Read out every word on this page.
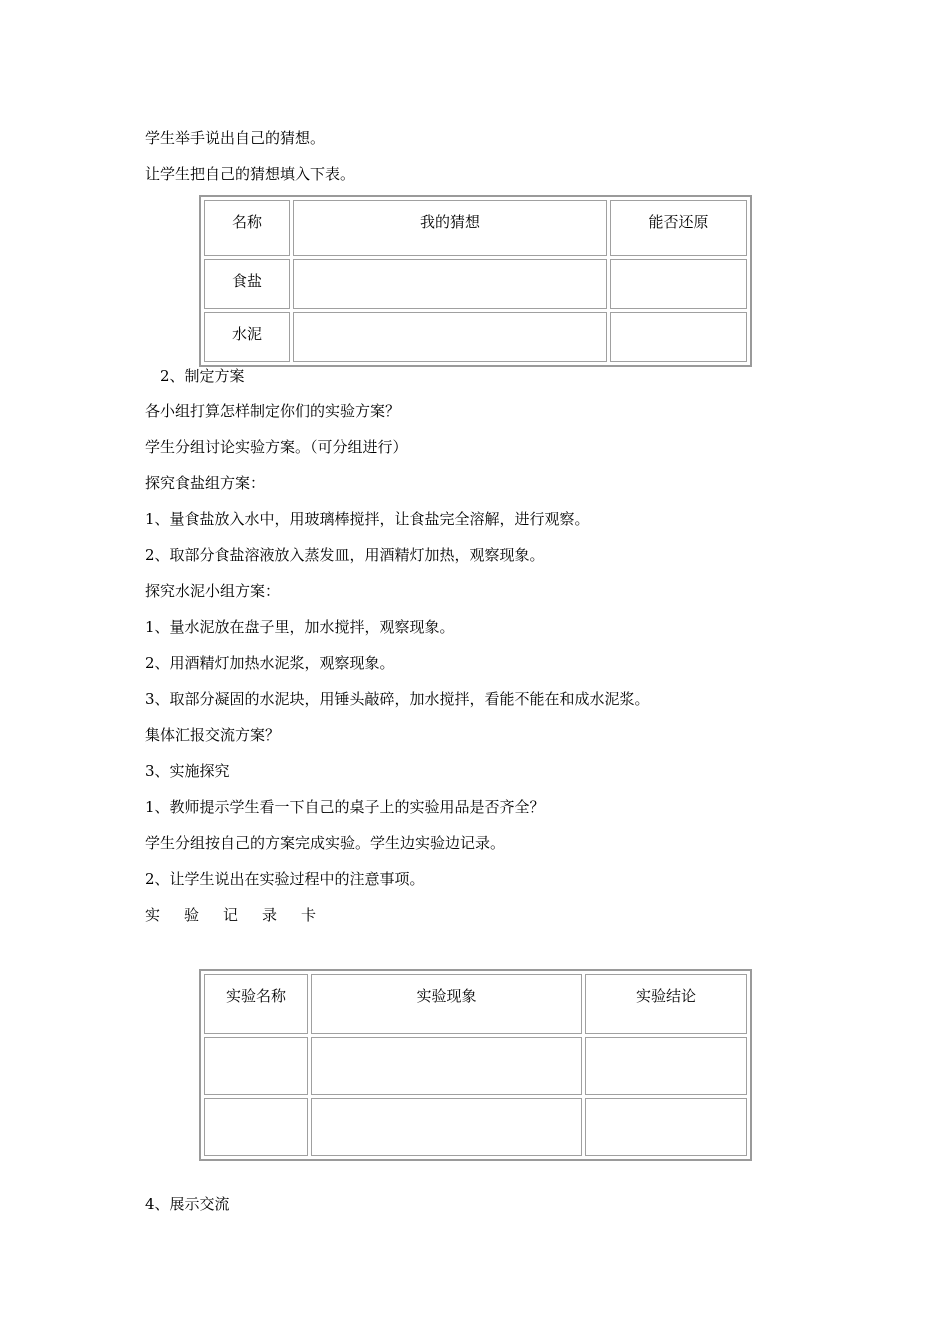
学生举手说出自己的猜想。

让学生把自己的猜想填入下表。

名称	我的猜想	能否还原
食盐		
水泥		

2、制定方案

各小组打算怎样制定你们的实验方案？

学生分组讨论实验方案。（可分组进行）

探究食盐组方案：

1、量食盐放入水中，用玻璃棒搅拌，让食盐完全溶解，进行观察。

2、取部分食盐溶液放入蒸发皿，用酒精灯加热，观察现象。

探究水泥小组方案：

1、量水泥放在盘子里，加水搅拌，观察现象。

2、用酒精灯加热水泥浆，观察现象。

3、取部分凝固的水泥块，用锤头敲碎，加水搅拌，看能不能在和成水泥浆。

集体汇报交流方案？

3、实施探究

1、教师提示学生看一下自己的桌子上的实验用品是否齐全？

学生分组按自己的方案完成实验。学生边实验边记录。

2、让学生说出在实验过程中的注意事项。

实验记录卡

实验名称	实验现象	实验结论

4、展示交流
